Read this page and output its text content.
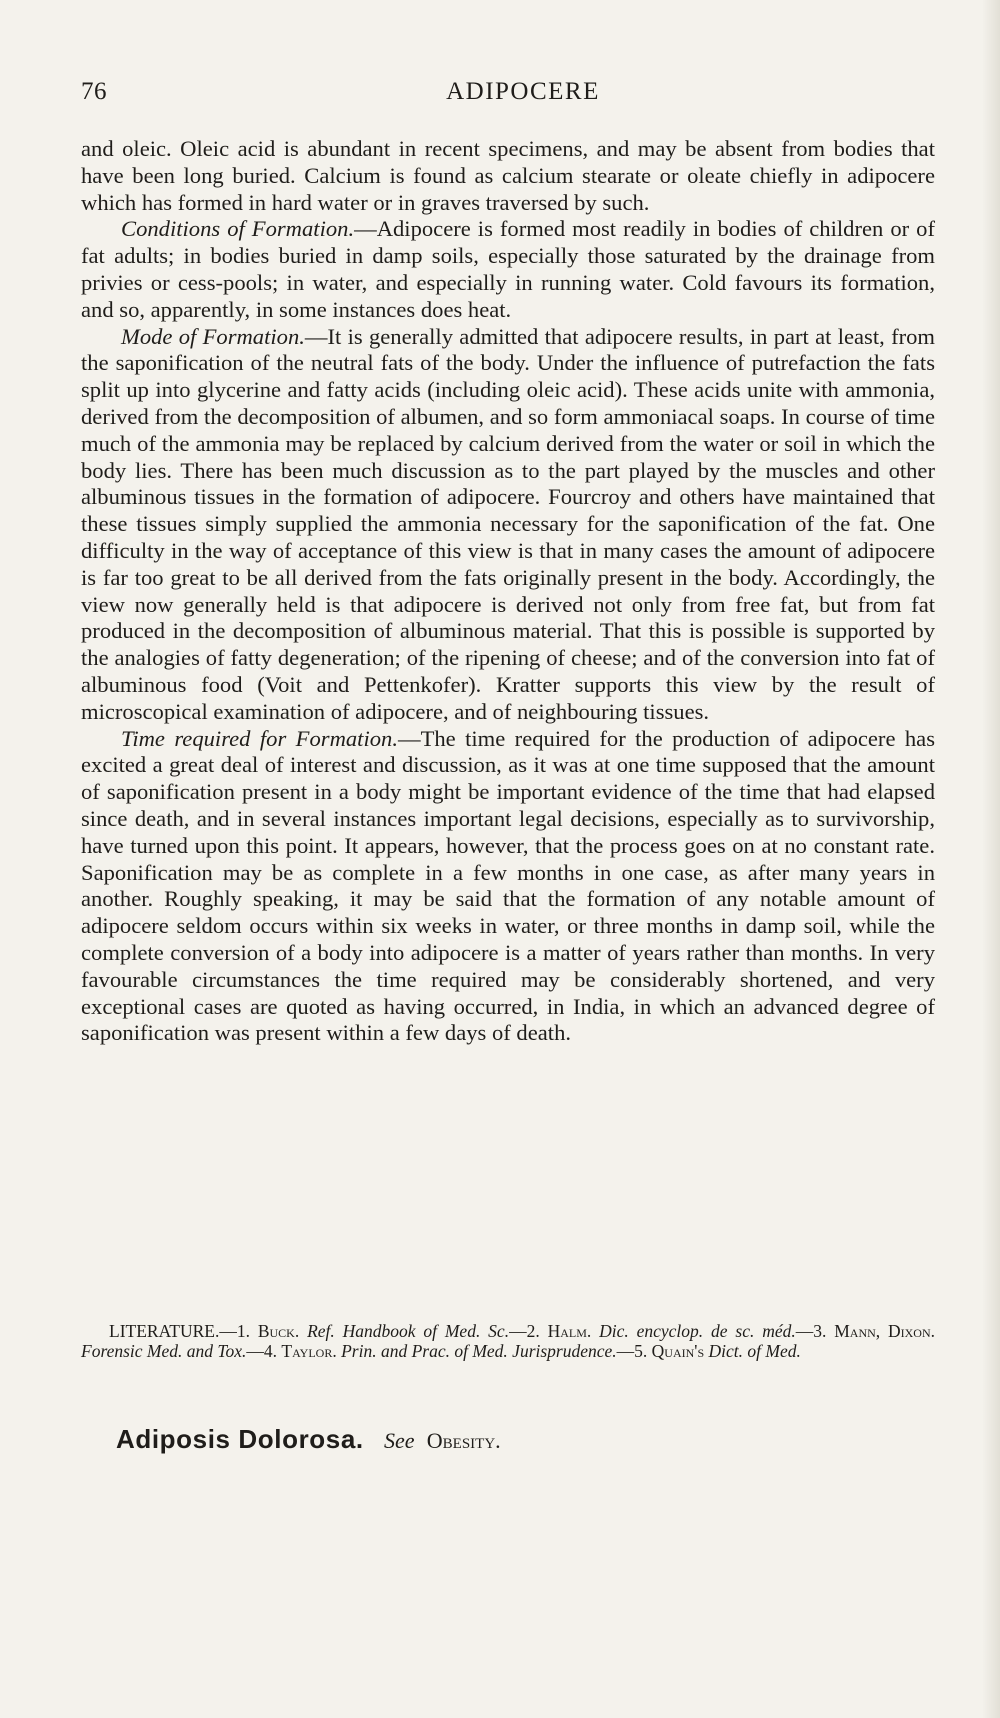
76	ADIPOCERE

and oleic. Oleic acid is abundant in recent specimens, and may be absent from bodies that have been long buried. Calcium is found as calcium stearate or oleate chiefly in adipocere which has formed in hard water or in graves traversed by such.

Conditions of Formation.—Adipocere is formed most readily in bodies of children or of fat adults; in bodies buried in damp soils, especially those saturated by the drainage from privies or cess-pools; in water, and especially in running water. Cold favours its formation, and so, apparently, in some instances does heat.

Mode of Formation.—It is generally admitted that adipocere results, in part at least, from the saponification of the neutral fats of the body. Under the influence of putrefaction the fats split up into glycerine and fatty acids (including oleic acid). These acids unite with ammonia, derived from the decomposition of albumen, and so form ammoniacal soaps. In course of time much of the ammonia may be replaced by calcium derived from the water or soil in which the body lies. There has been much discussion as to the part played by the muscles and other albuminous tissues in the formation of adipocere. Fourcroy and others have maintained that these tissues simply supplied the ammonia necessary for the saponification of the fat. One difficulty in the way of acceptance of this view is that in many cases the amount of adipocere is far too great to be all derived from the fats originally present in the body. Accordingly, the view now generally held is that adipocere is derived not only from free fat, but from fat produced in the decomposition of albuminous material. That this is possible is supported by the analogies of fatty degeneration; of the ripening of cheese; and of the conversion into fat of albuminous food (Voit and Pettenkofer). Kratter supports this view by the result of microscopical examination of adipocere, and of neighbouring tissues.

Time required for Formation.—The time required for the production of adipocere has excited a great deal of interest and discussion, as it was at one time supposed that the amount of saponification present in a body might be important evidence of the time that had elapsed since death, and in several instances important legal decisions, especially as to survivorship, have turned upon this point. It appears, however, that the process goes on at no constant rate. Saponification may be as complete in a few months in one case, as after many years in another. Roughly speaking, it may be said that the formation of any notable amount of adipocere seldom occurs within six weeks in water, or three months in damp soil, while the complete conversion of a body into adipocere is a matter of years rather than months. In very favourable circumstances the time required may be considerably shortened, and very exceptional cases are quoted as having occurred, in India, in which an advanced degree of saponification was present within a few days of death.

LITERATURE.—1. Buck. Ref. Handbook of Med. Sc.—2. Halm. Dic. encyclop. de sc. méd.—3. Mann, Dixon. Forensic Med. and Tox.—4. Taylor. Prin. and Prac. of Med. Jurisprudence.—5. Quain's Dict. of Med.
Adiposis Dolorosa. See Obesity.
